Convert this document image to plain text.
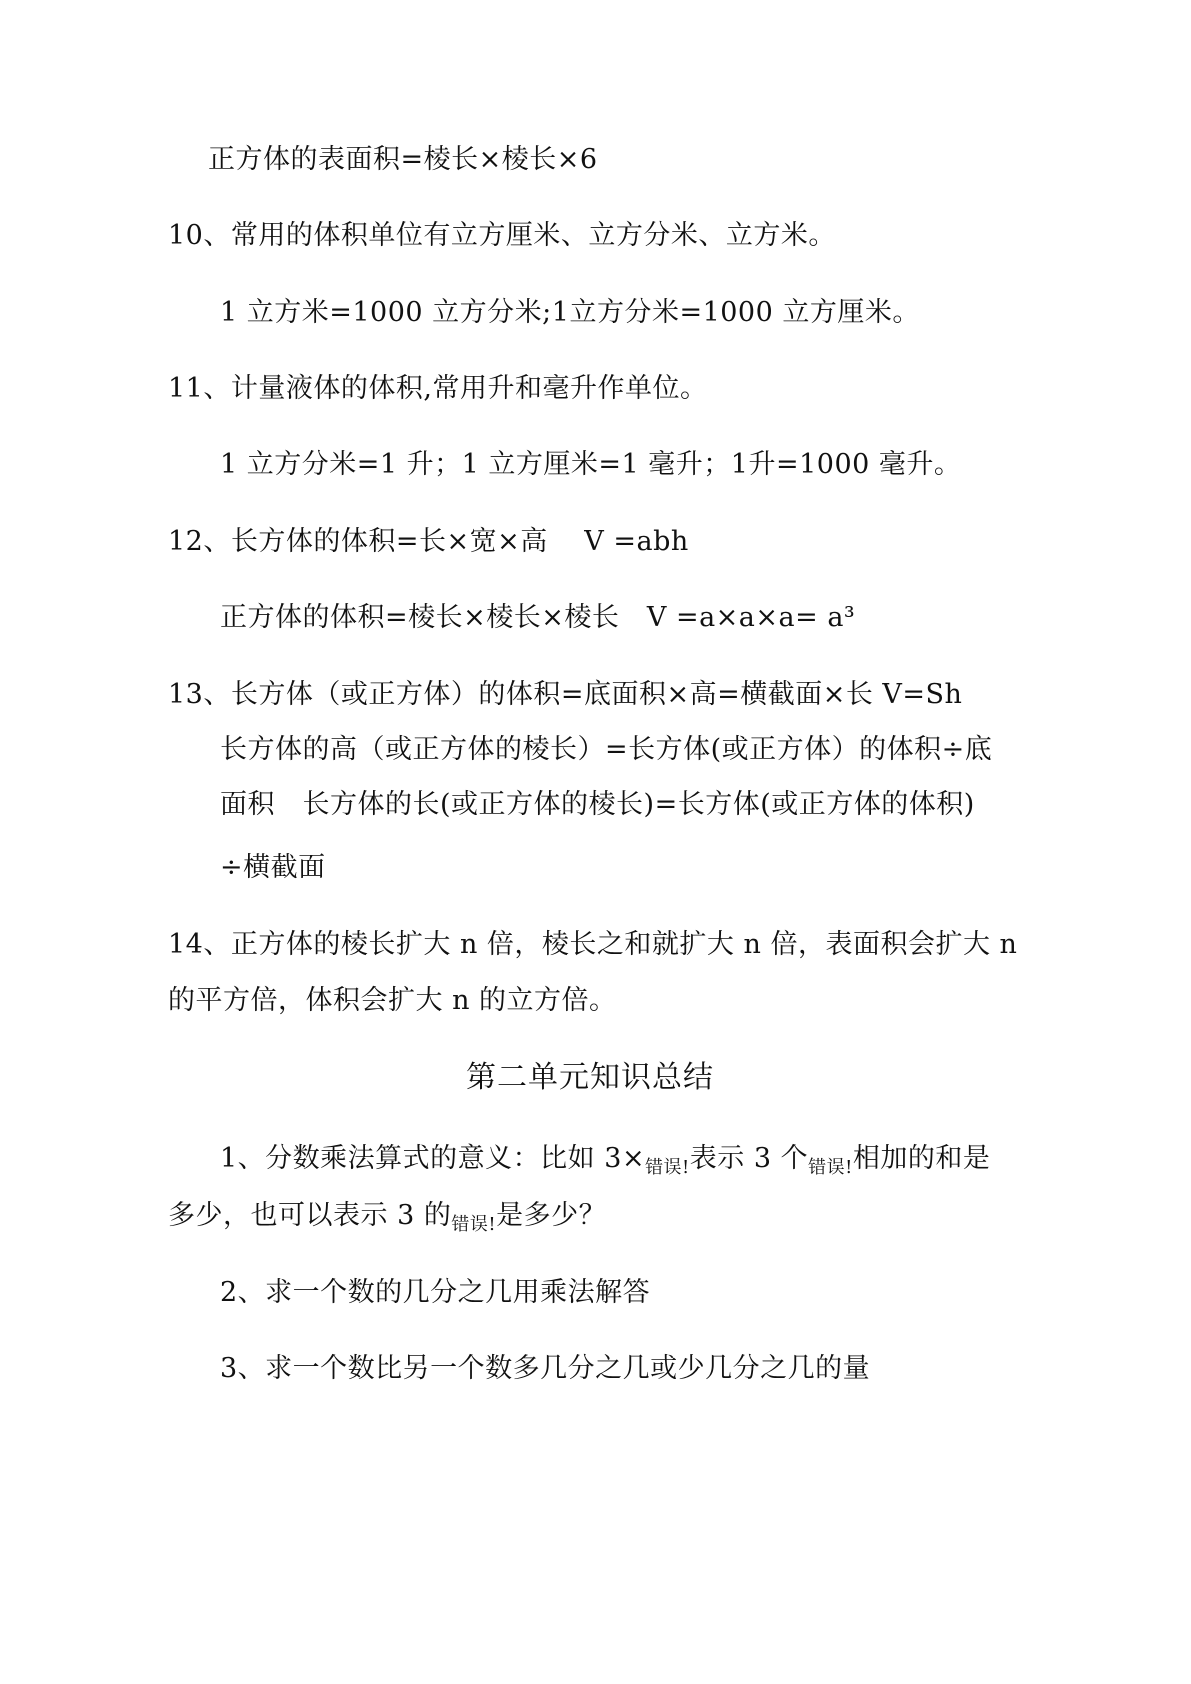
正方体的表面积=棱长×棱长×6
10、常用的体积单位有立方厘米、立方分米、立方米。
1 立方米=1000 立方分米;1立方分米=1000 立方厘米。
11、计量液体的体积,常用升和毫升作单位。
1 立方分米=1 升；1 立方厘米=1 毫升；1升=1000 毫升。
12、长方体的体积=长×宽×高　 V =abh
正方体的体积=棱长×棱长×棱长　V =a×a×a= a³
13、长方体（或正方体）的体积=底面积×高=横截面×长 V=Sh
长方体的高（或正方体的棱长）=长方体(或正方体）的体积÷底
面积　长方体的长(或正方体的棱长)=长方体(或正方体的体积)
÷横截面
14、正方体的棱长扩大 n 倍，棱长之和就扩大 n 倍，表面积会扩大 n
的平方倍，体积会扩大 n 的立方倍。
第二单元知识总结
1、分数乘法算式的意义：比如 $3\times_{错误!}$表示 3 个$_{错误!}$相加的和是
多少，也可以表示 3 的$_{错误!}$是多少？
2、求一个数的几分之几用乘法解答
3、求一个数比另一个数多几分之几或少几分之几的量
